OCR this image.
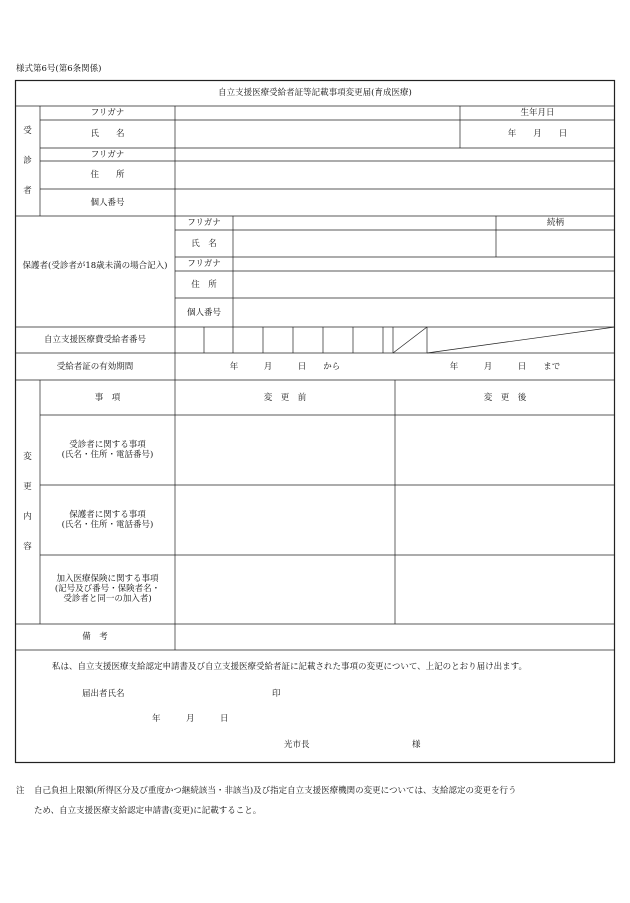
様式第6号(第6条関係)
自立支援医療受給者証等記載事項変更届(育成医療)
受
診
者
フリガナ	生年月日
氏　　名	年　　月　　日
フリガナ
住　　所
個人番号
保護者(受診者が18歳未満の場合記入)
フリガナ	続柄
氏　名
フリガナ
住　所
個人番号
自立支援医療費受給者番号
受給者証の有効期間	年　　　月　　　日　　から	年　　　月　　　日　　まで
変
更
内
容
事　項	変　更　前	変　更　後
受診者に関する事項
(氏名・住所・電話番号)
保護者に関する事項
(氏名・住所・電話番号)
加入医療保険に関する事項
(記号及び番号・保険者名・
受診者と同一の加入者)
備　考
私は、自立支援医療支給認定申請書及び自立支援医療受給者証に記載された事項の変更について、上記のとおり届け出ます。
届出者氏名	印
年　　　月　　　日
光市長	様
注 自己負担上限額(所得区分及び重度かつ継続該当・非該当)及び指定自立支援医療機関の変更については、支給認定の変更を行う
ため、自立支援医療支給認定申請書(変更)に記載すること。
